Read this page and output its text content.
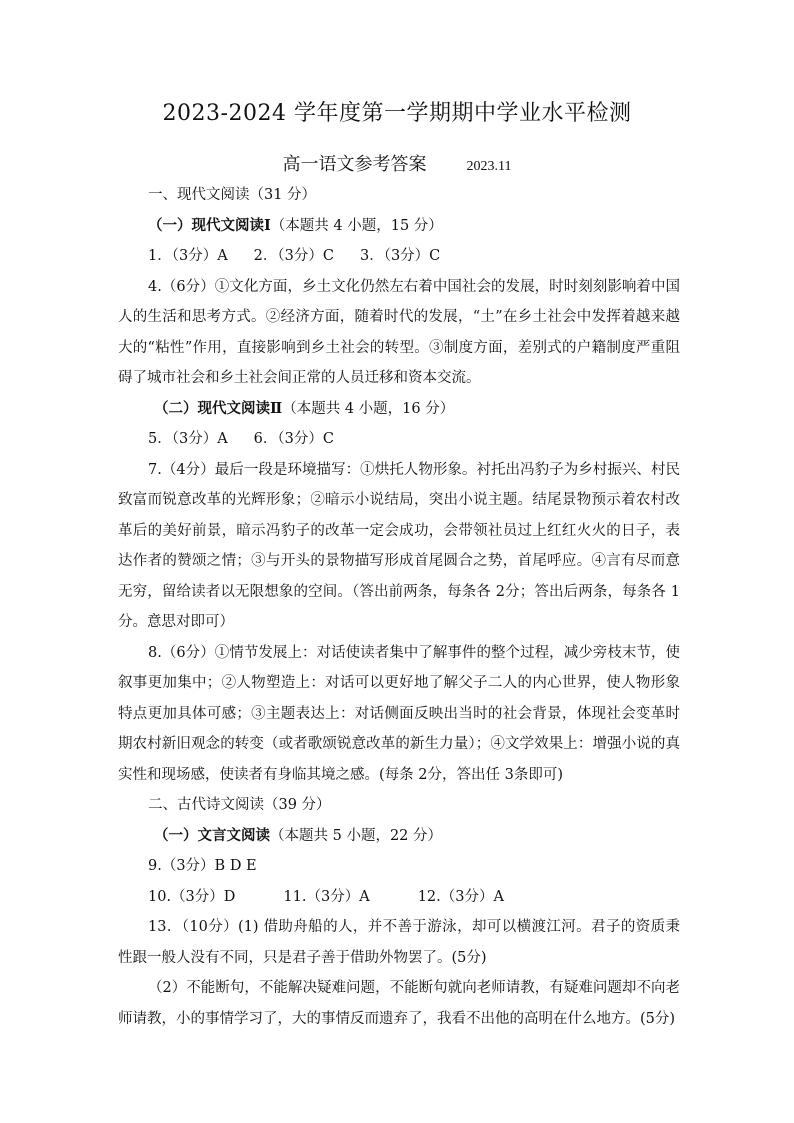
2023-2024 学年度第一学期期中学业水平检测
高一语文参考答案	2023.11
一、现代文阅读（31 分）
（一）现代文阅读Ⅰ（本题共 4 小题，15 分）
1．（3分）A 2．（3分）C 3．（3分）C
4.（6分）①文化方面，乡土文化仍然左右着中国社会的发展，时时刻刻影响着中国人的生活和思考方式。②经济方面，随着时代的发展，“土”在乡土社会中发挥着越来越大的“粘性”作用，直接影响到乡土社会的转型。③制度方面，差别式的户籍制度严重阻碍了城市社会和乡土社会间正常的人员迁移和资本交流。
（二）现代文阅读Ⅱ（本题共 4 小题，16 分）
5．（3分）A 6．（3分）C
7.（4分）最后一段是环境描写：①烘托人物形象。衬托出冯豹子为乡村振兴、村民致富而锐意改革的光辉形象；②暗示小说结局，突出小说主题。结尾景物预示着农村改革后的美好前景，暗示冯豹子的改革一定会成功，会带领社员过上红红火火的日子，表达作者的赞颂之情；③与开头的景物描写形成首尾圆合之势，首尾呼应。④言有尽而意无穷，留给读者以无限想象的空间。（答出前两条，每条各 2分；答出后两条，每条各 1分。意思对即可）
8.（6分）①情节发展上：对话使读者集中了解事件的整个过程，减少旁枝末节，使叙事更加集中；②人物塑造上：对话可以更好地了解父子二人的内心世界，使人物形象特点更加具体可感；③主题表达上：对话侧面反映出当时的社会背景，体现社会变革时期农村新旧观念的转变（或者歌颂锐意改革的新生力量）；④文学效果上：增强小说的真实性和现场感，使读者有身临其境之感。(每条 2分，答出任 3条即可)
二、古代诗文阅读（39 分）
（一）文言文阅读（本题共 5 小题，22 分）
9.（3分）B D E
10.（3分）D	11.（3分）A	12.（3分）A
13．（10分）(1) 借助舟船的人，并不善于游泳，却可以横渡江河。君子的资质秉性跟一般人没有不同，只是君子善于借助外物罢了。(5分)
（2）不能断句，不能解决疑难问题，不能断句就向老师请教，有疑难问题却不向老师请教，小的事情学习了，大的事情反而遗弃了，我看不出他的高明在什么地方。(5分)
